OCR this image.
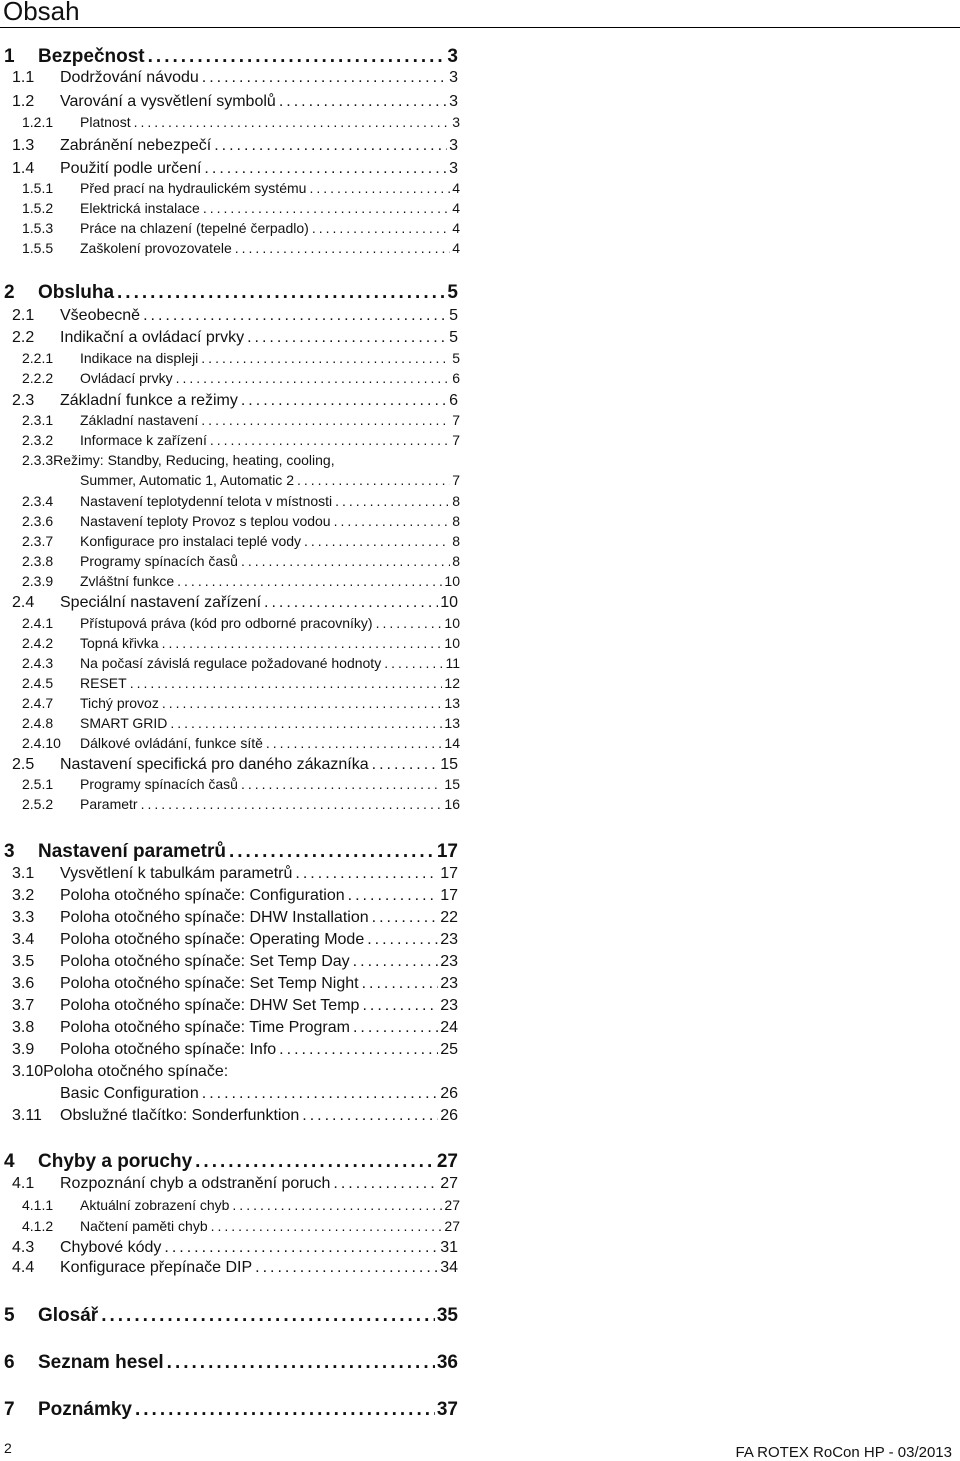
Obsah
1	Bezpečnost .....	3
1.1	Dodržování návodu .....	3
1.2	Varování a vysvětlení symbolů .....	3
1.2.1	Platnost .....	3
1.3	Zabránění nebezpečí .....	3
1.4	Použití podle určení .....	3
1.5.1	Před prací na hydraulickém systému .....	4
1.5.2	Elektrická instalace .....	4
1.5.3	Práce na chlazení (tepelné čerpadlo) .....	4
1.5.5	Zaškolení provozovatele .....	4
2	Obsluha .....	5
2.1	Všeobecně .....	5
2.2	Indikační a ovládací prvky .....	5
2.2.1	Indikace na displeji .....	5
2.2.2	Ovládací prvky .....	6
2.3	Základní funkce a režimy .....	6
2.3.1	Základní nastavení .....	7
2.3.2	Informace k zařízení .....	7
2.3.3Režimy: Standby, Reducing, heating, cooling,
Summer, Automatic 1, Automatic 2 .....	7
2.3.4	Nastavení teplotydenní telota v místnosti .....	8
2.3.6	Nastavení teploty Provoz s teplou vodou .....	8
2.3.7	Konfigurace pro instalaci teplé vody .....	8
2.3.8	Programy spínacích časů .....	8
2.3.9	Zvláštní funkce .....	10
2.4	Speciální nastavení zařízení .....	10
2.4.1	Přístupová práva (kód pro odborné pracovníky) .....	10
2.4.2	Topná křivka .....	10
2.4.3	Na počasí závislá regulace požadované hodnoty .....	11
2.4.5	RESET .....	12
2.4.7	Tichý provoz .....	13
2.4.8	SMART GRID .....	13
2.4.10	Dálkové ovládání, funkce sítě .....	14
2.5	Nastavení specifická pro daného zákazníka .....	15
2.5.1	Programy spínacích časů .....	15
2.5.2	Parametr .....	16
3	Nastavení parametrů .....	17
3.1	Vysvětlení k tabulkám parametrů .....	17
3.2	Poloha otočného spínače: Configuration .....	17
3.3	Poloha otočného spínače: DHW Installation .....	22
3.4	Poloha otočného spínače: Operating Mode .....	23
3.5	Poloha otočného spínače: Set Temp Day .....	23
3.6	Poloha otočného spínače: Set Temp Night .....	23
3.7	Poloha otočného spínače: DHW Set Temp .....	23
3.8	Poloha otočného spínače: Time Program .....	24
3.9	Poloha otočného spínače: Info .....	25
3.10Poloha otočného spínače:
Basic Configuration .....	26
3.11	Obslužné tlačítko: Sonderfunktion .....	26
4	Chyby a poruchy .....	27
4.1	Rozpoznání chyb a odstranění poruch .....	27
4.1.1	Aktuální zobrazení chyb .....	27
4.1.2	Načtení paměti chyb .....	27
4.3	Chybové kódy .....	31
4.4	Konfigurace přepínače DIP .....	34
5	Glosář .....	35
6	Seznam hesel .....	36
7	Poznámky .....	37
2	FA ROTEX RoCon HP - 03/2013
